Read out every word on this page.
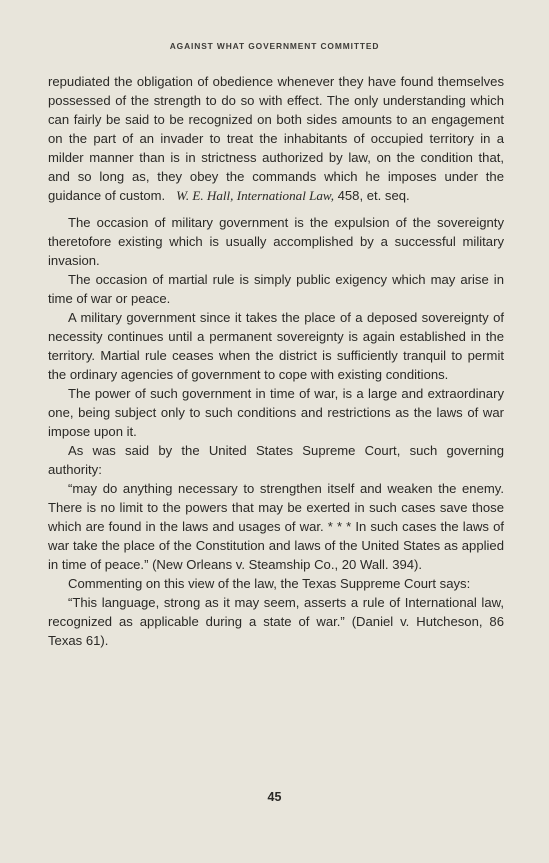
AGAINST WHAT GOVERNMENT COMMITTED

repudiated the obligation of obedience whenever they have found themselves possessed of the strength to do so with effect. The only understanding which can fairly be said to be recognized on both sides amounts to an engagement on the part of an invader to treat the inhabitants of occupied territory in a milder manner than is in strictness authorized by law, on the condition that, and so long as, they obey the commands which he imposes under the guidance of custom. W. E. Hall, International Law, 458, et. seq.

The occasion of military government is the expulsion of the sovereignty theretofore existing which is usually accomplished by a successful military invasion.

The occasion of martial rule is simply public exigency which may arise in time of war or peace.

A military government since it takes the place of a deposed sovereignty of necessity continues until a permanent sovereignty is again established in the territory. Martial rule ceases when the district is sufficiently tranquil to permit the ordinary agencies of government to cope with existing conditions.

The power of such government in time of war, is a large and extraordinary one, being subject only to such conditions and restrictions as the laws of war impose upon it.

As was said by the United States Supreme Court, such governing authority:

“may do anything necessary to strengthen itself and weaken the enemy. There is no limit to the powers that may be exerted in such cases save those which are found in the laws and usages of war. * * * In such cases the laws of war take the place of the Constitution and laws of the United States as applied in time of peace.” (New Orleans v. Steamship Co., 20 Wall. 394).

Commenting on this view of the law, the Texas Suppreme Court says:

“This language, strong as it may seem, asserts a rule of International law, recognized as applicable during a state of war.” (Daniel v. Hutcheson, 86 Texas 61).

45
